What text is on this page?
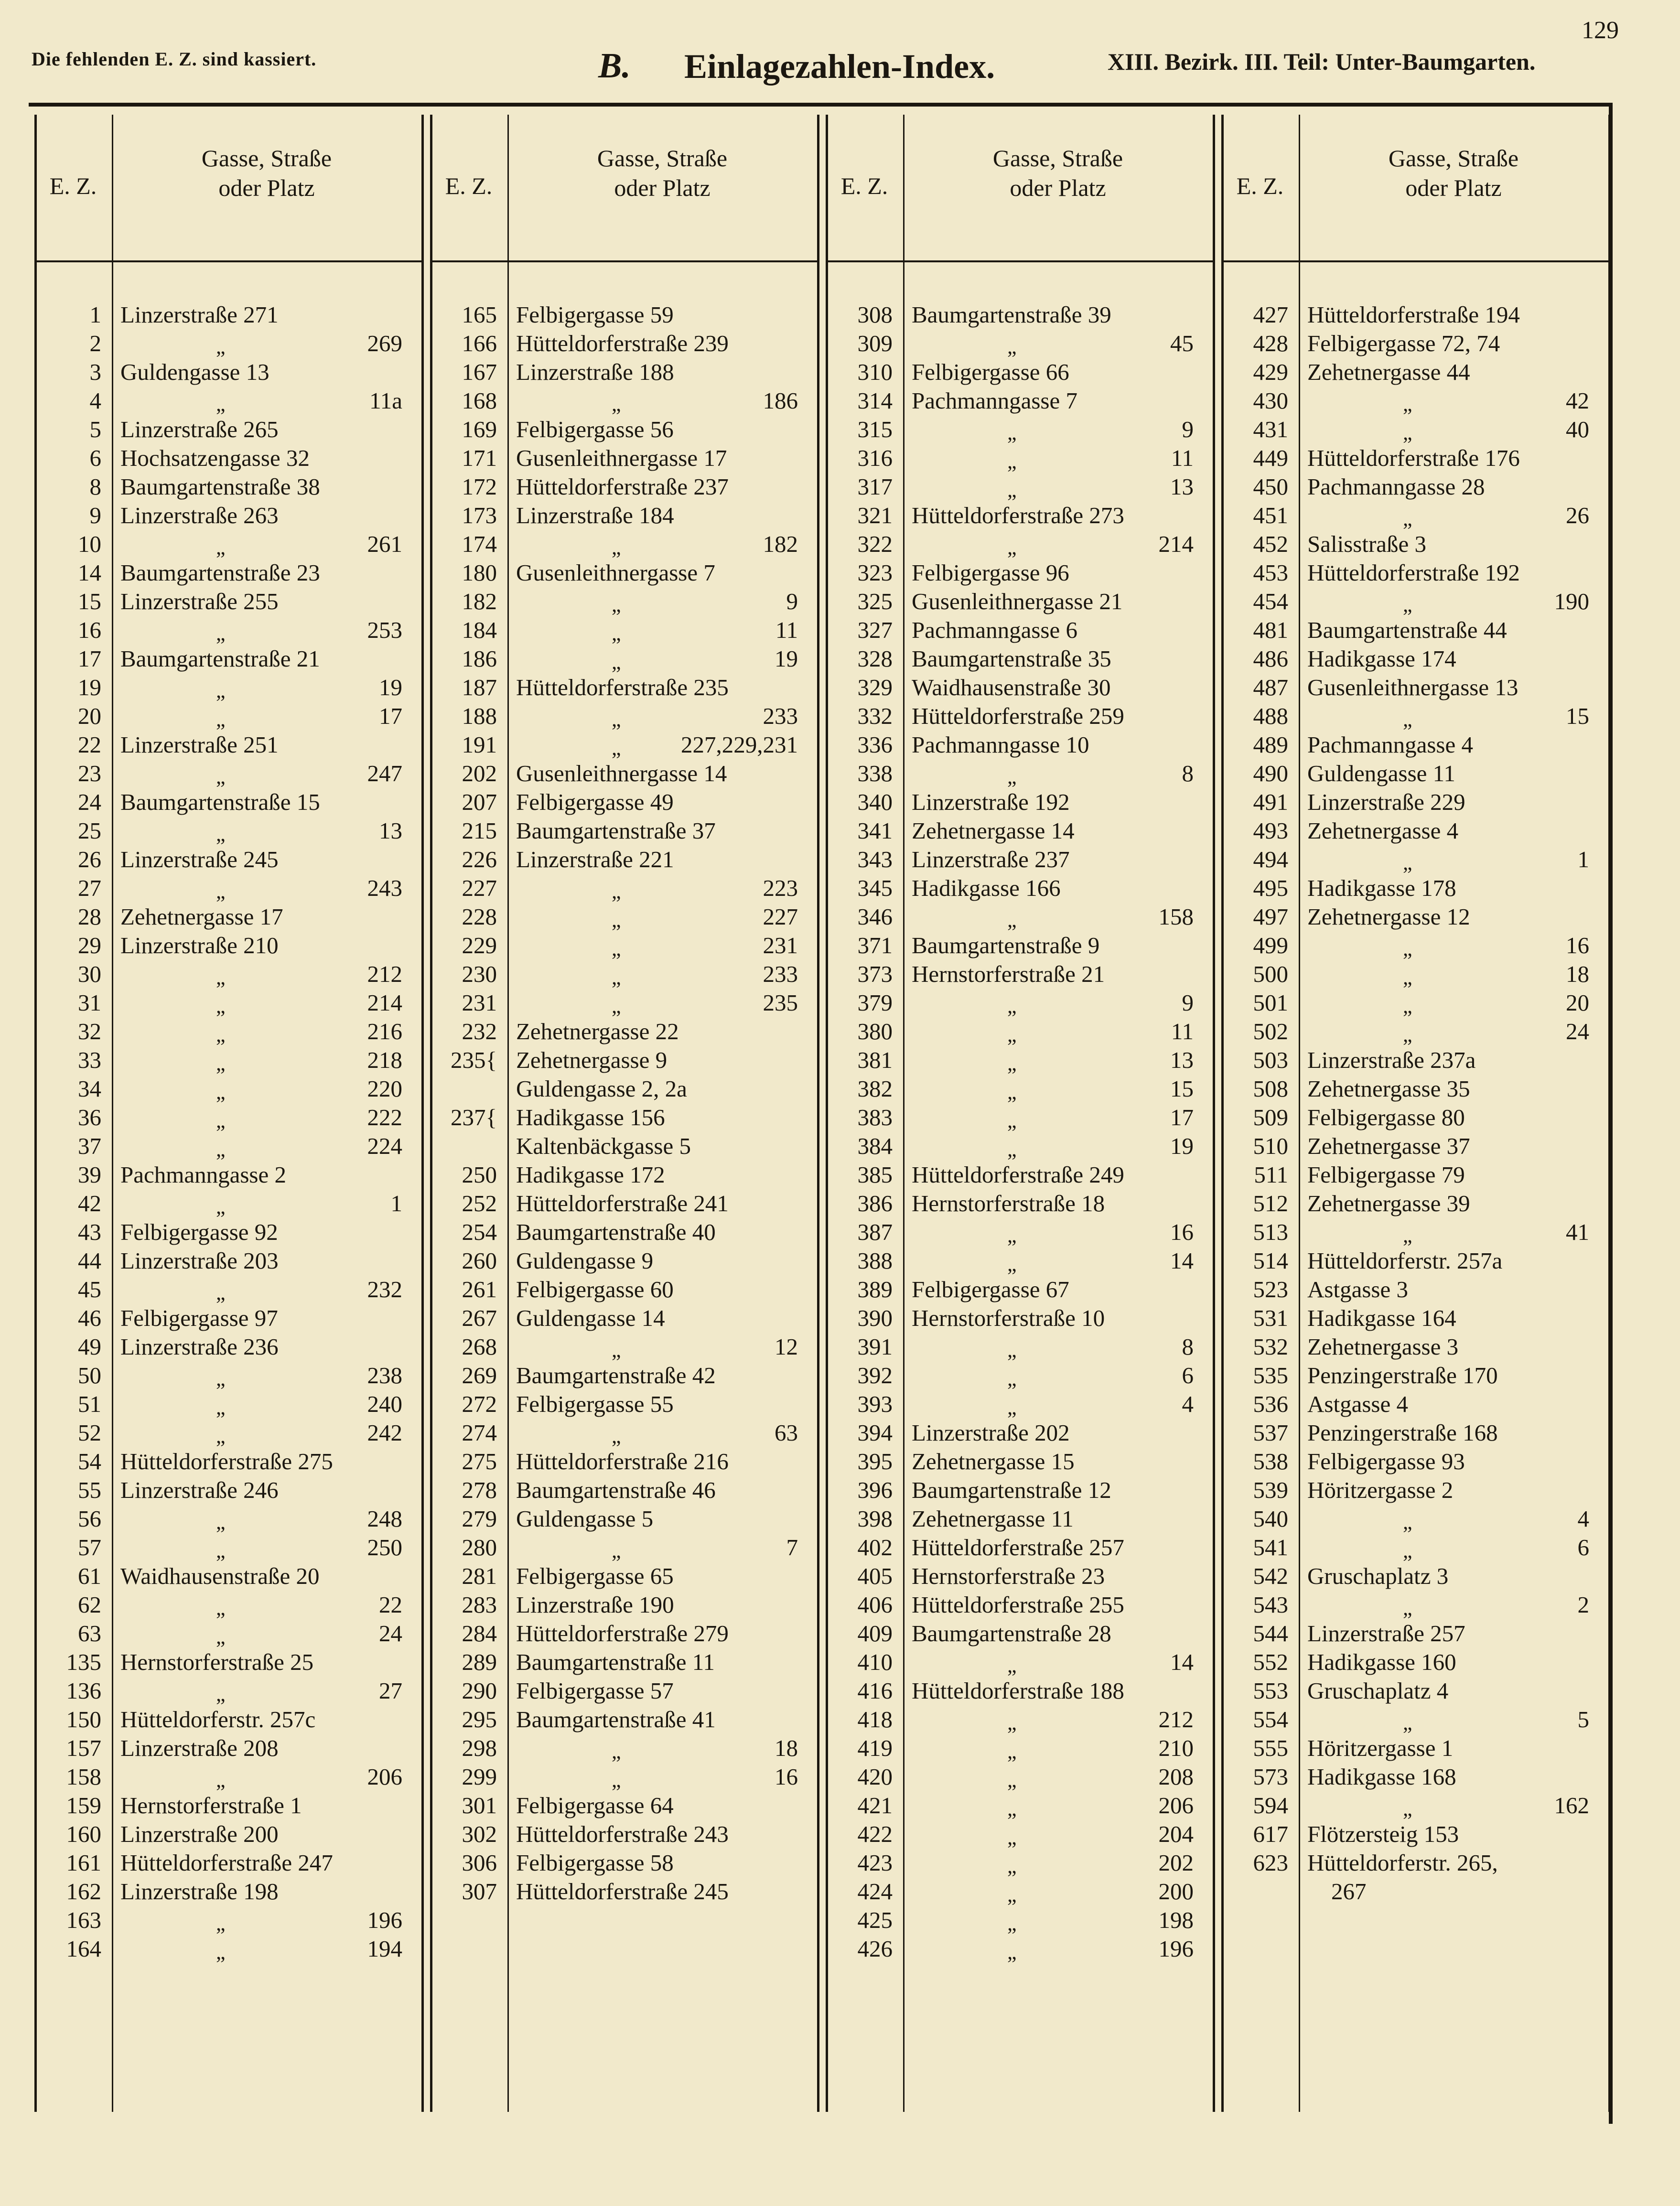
129
Die fehlenden E. Z. sind kassiert.	B. Einlagezahlen-Index.	XIII. Bezirk. III. Teil: Unter-Baumgarten.
E. Z.
Gasse, Straße
oder Platz
1 Linzerstraße 271
2	„	269
3 Guldengasse 13
4	„	11a
5 Linzerstraße 265
6 Hochsatzengasse 32
8 Baumgartenstraße 38
9 Linzerstraße 263
10	„	261
14 Baumgartenstraße 23
15 Linzerstraße 255
16	„	253
17 Baumgartenstraße 21
19	„	19
20	„	17
22 Linzerstraße 251
23	„	247
24 Baumgartenstraße 15
25	„	13
26 Linzerstraße 245
27	„	243
28 Zehetnergasse 17
29 Linzerstraße 210
30	„	212
31	„	214
32	„	216
33	„	218
34	„	220
36	„	222
37	„	224
39 Pachmanngasse 2
42	„	1
43 Felbigergasse 92
44 Linzerstraße 203
45	„	232
46 Felbigergasse 97
49 Linzerstraße 236
50	„	238
51	„	240
52	„	242
54 Hütteldorferstraße 275
55 Linzerstraße 246
56	„	248
57	„	250
61 Waidhausenstraße 20
62	„	22
63	„	24
135 Hernstorferstraße 25
136	„	27
150 Hütteldorferstr. 257c
157 Linzerstraße 208
158	„	206
159 Hernstorferstraße 1
160 Linzerstraße 200
161 Hütteldorferstraße 247
162 Linzerstraße 198
163	„	196
164	„	194
E. Z.
Gasse, Straße
oder Platz
165 Felbigergasse 59
166 Hütteldorferstraße 239
167 Linzerstraße 188
168	„	186
169 Felbigergasse 56
171 Gusenleithnergasse 17
172 Hütteldorferstraße 237
173 Linzerstraße 184
174	„	182
180 Gusenleithnergasse 7
182	„	9
184	„	11
186	„	19
187 Hütteldorferstraße 235
188	„	233
191	„	227,229,231
202 Gusenleithnergasse 14
207 Felbigergasse 49
215 Baumgartenstraße 37
226 Linzerstraße 221
227	„	223
228	„	227
229	„	231
230	„	233
231	„	235
232 Zehetnergasse 22
235{ Zehetnergasse 9
Guldengasse 2, 2a
237{ Hadikgasse 156
Kaltenbäckgasse 5
250 Hadikgasse 172
252 Hütteldorferstraße 241
254 Baumgartenstraße 40
260 Guldengasse 9
261 Felbigergasse 60
267 Guldengasse 14
268	„	12
269 Baumgartenstraße 42
272 Felbigergasse 55
274	„	63
275 Hütteldorferstraße 216
278 Baumgartenstraße 46
279 Guldengasse 5
280	„	7
281 Felbigergasse 65
283 Linzerstraße 190
284 Hütteldorferstraße 279
289 Baumgartenstraße 11
290 Felbigergasse 57
295 Baumgartenstraße 41
298	„	18
299	„	16
301 Felbigergasse 64
302 Hütteldorferstraße 243
306 Felbigergasse 58
307 Hütteldorferstraße 245
E. Z.
Gasse, Straße
oder Platz
308 Baumgartenstraße 39
309	„	45
310 Felbigergasse 66
314 Pachmanngasse 7
315	„	9
316	„	11
317	„	13
321 Hütteldorferstraße 273
322	„	214
323 Felbigergasse 96
325 Gusenleithnergasse 21
327 Pachmanngasse 6
328 Baumgartenstraße 35
329 Waidhausenstraße 30
332 Hütteldorferstraße 259
336 Pachmanngasse 10
338	„	8
340 Linzerstraße 192
341 Zehetnergasse 14
343 Linzerstraße 237
345 Hadikgasse 166
346	„	158
371 Baumgartenstraße 9
373 Hernstorferstraße 21
379	„	9
380	„	11
381	„	13
382	„	15
383	„	17
384	„	19
385 Hütteldorferstraße 249
386 Hernstorferstraße 18
387	„	16
388	„	14
389 Felbigergasse 67
390 Hernstorferstraße 10
391	„	8
392	„	6
393	„	4
394 Linzerstraße 202
395 Zehetnergasse 15
396 Baumgartenstraße 12
398 Zehetnergasse 11
402 Hütteldorferstraße 257
405 Hernstorferstraße 23
406 Hütteldorferstraße 255
409 Baumgartenstraße 28
410	„	14
416 Hütteldorferstraße 188
418	„	212
419	„	210
420	„	208
421	„	206
422	„	204
423	„	202
424	„	200
425	„	198
426	„	196
E. Z.
Gasse, Straße
oder Platz
427 Hütteldorferstraße 194
428 Felbigergasse 72, 74
429 Zehetnergasse 44
430	„	42
431	„	40
449 Hütteldorferstraße 176
450 Pachmanngasse 28
451	„	26
452 Salisstraße 3
453 Hütteldorferstraße 192
454	„	190
481 Baumgartenstraße 44
486 Hadikgasse 174
487 Gusenleithnergasse 13
488	„	15
489 Pachmanngasse 4
490 Guldengasse 11
491 Linzerstraße 229
493 Zehetnergasse 4
494	„	1
495 Hadikgasse 178
497 Zehetnergasse 12
499	„	16
500	„	18
501	„	20
502	„	24
503 Linzerstraße 237a
508 Zehetnergasse 35
509 Felbigergasse 80
510 Zehetnergasse 37
511 Felbigergasse 79
512 Zehetnergasse 39
513	„	41
514 Hütteldorferstr. 257a
523 Astgasse 3
531 Hadikgasse 164
532 Zehetnergasse 3
535 Penzingerstraße 170
536 Astgasse 4
537 Penzingerstraße 168
538 Felbigergasse 93
539 Höritzergasse 2
540	„	4
541	„	6
542 Gruschaplatz 3
543	„	2
544 Linzerstraße 257
552 Hadikgasse 160
553 Gruschaplatz 4
554	„	5
555 Höritzergasse 1
573 Hadikgasse 168
594	„	162
617 Flötzersteig 153
623 Hütteldorferstr. 265,
267
